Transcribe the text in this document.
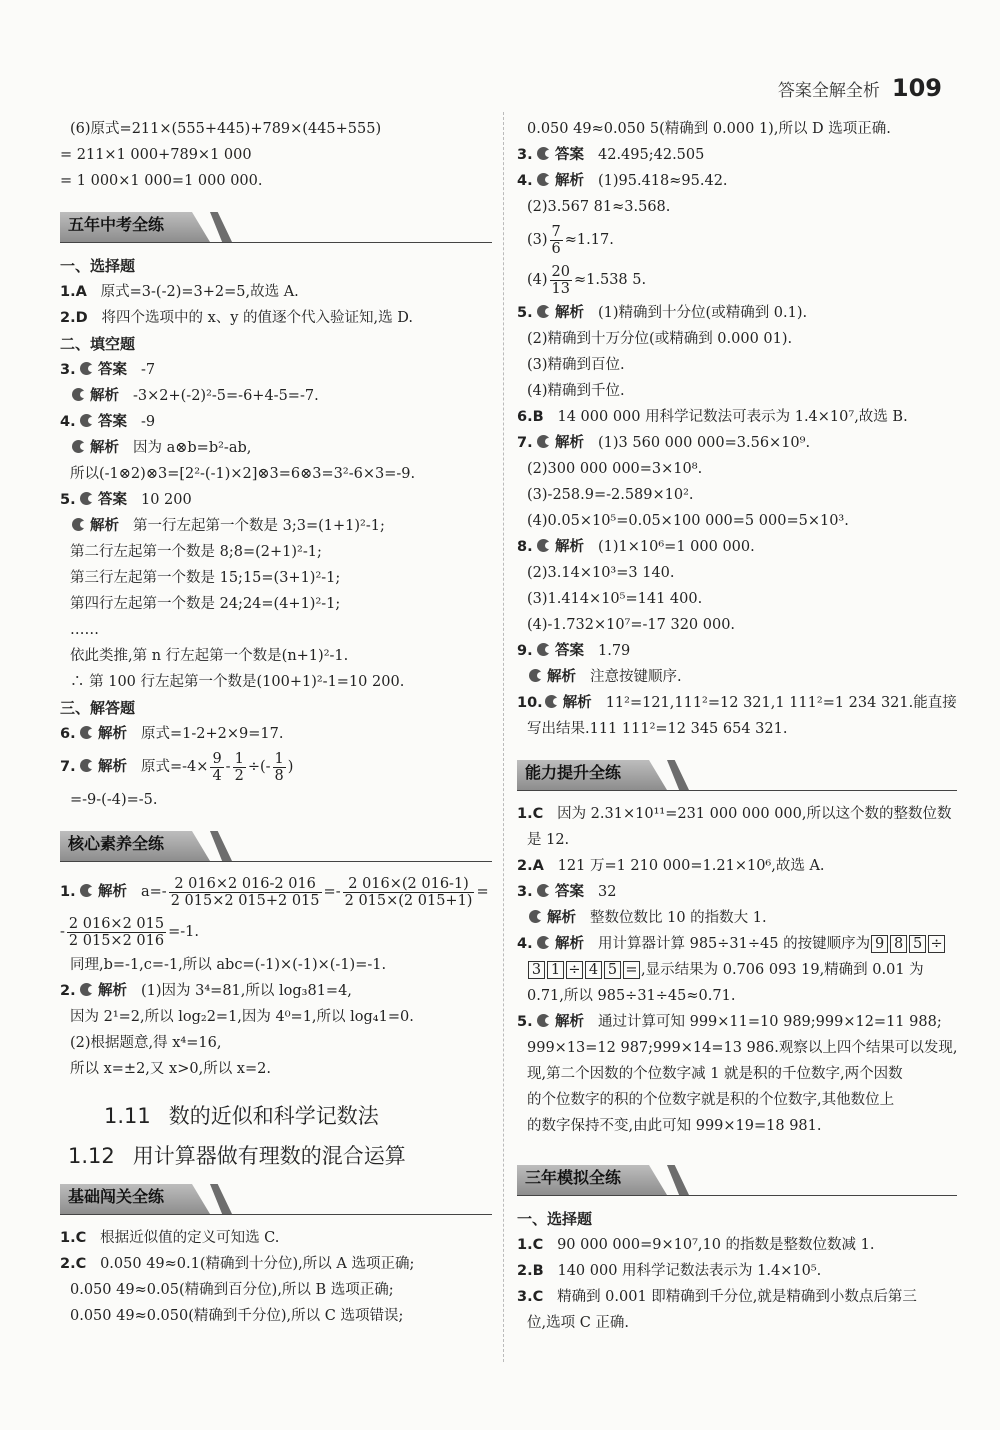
答案全解全析 109
(6)原式=211×(555+445)+789×(445+555)
= 211×1 000+789×1 000
= 1 000×1 000=1 000 000.
五年中考全练
一、选择题
1.A 原式=3-(-2)=3+2=5,故选 A.
2.D 将四个选项中的 x、y 的值逐个代入验证知,选 D.
二、填空题
3. 答案 -7
解析 -3×2+(-2)²-5=-6+4-5=-7.
4. 答案 -9
解析 因为 a⊗b=b²-ab,
所以(-1⊗2)⊗3=[2²-(-1)×2]⊗3=6⊗3=3²-6×3=-9.
5. 答案 10 200
解析 第一行左起第一个数是 3;3=(1+1)²-1;
第二行左起第一个数是 8;8=(2+1)²-1;
第三行左起第一个数是 15;15=(3+1)²-1;
第四行左起第一个数是 24;24=(4+1)²-1;
……
依此类推,第 n 行左起第一个数是(n+1)²-1.
∴ 第 100 行左起第一个数是(100+1)²-1=10 200.
三、解答题
6. 解析 原式=1-2+2×9=17.
7. 解析 原式$=-4\times \frac{9}{4} - \frac{1}{2}$ ÷(- $\frac{1}{8}$ )
=-9-(-4)=-5.
核心素养全练
1. 解析 $a=- \frac{2 016\times 2 016-2 016}{2 015\times 2 015+2 015} =- \frac{2 016\times(2 016-1)}{2 015\times(2 015+1)}$ =
- $\frac{2 016\times 2 015}{2 015\times 2 016} =-1$.
同理,b=-1,c=-1,所以 abc=(-1)×(-1)×(-1)=-1.
2. 解析 (1)因为 3⁴=81,所以 log₃81=4,
因为 2¹=2,所以 log₂2=1,因为 4⁰=1,所以 log₄1=0.
(2)根据题意,得 x⁴=16,
所以 x=±2,又 x>0,所以 x=2.
1.11 数的近似和科学记数法
1.12 用计算器做有理数的混合运算
基础闯关全练
1.C 根据近似值的定义可知选 C.
2.C 0.050 49≈0.1(精确到十分位),所以 A 选项正确;
0.050 49≈0.05(精确到百分位),所以 B 选项正确;
0.050 49≈0.050(精确到千分位),所以 C 选项错误;
0.050 49≈0.050 5(精确到 0.000 1),所以 D 选项正确.
3. 答案 42.495;42.505
4. 解析 (1)95.418≈95.42.
(2)3.567 81≈3.568.
$(3) \frac{7}{6} \approx 1.17$.
$(4) \frac{20}{13} \approx 1.538$ 5.
5. 解析 (1)精确到十分位(或精确到 0.1).
(2)精确到十万分位(或精确到 0.000 01).
(3)精确到百位.
(4)精确到千位.
6.B 14 000 000 用科学记数法可表示为 1.4×10⁷,故选 B.
7. 解析 (1)3 560 000 000=3.56×10⁹.
(2)300 000 000=3×10⁸.
(3)-258.9=-2.589×10².
(4)0.05×10⁵=0.05×100 000=5 000=5×10³.
8. 解析 (1)1×10⁶=1 000 000.
(2)3.14×10³=3 140.
(3)1.414×10⁵=141 400.
(4)-1.732×10⁷=-17 320 000.
9. 答案 1.79
解析 注意按键顺序.
10. 解析 11²=121,111²=12 321,1 111²=1 234 321.能直接
写出结果.111 111²=12 345 654 321.
能力提升全练
1.C 因为 2.31×10¹¹=231 000 000 000,所以这个数的整数位数
是 12.
2.A 121 万=1 210 000=1.21×10⁶,故选 A.
3. 答案 32
解析 整数位数比 10 的指数大 1.
4. 解析 用计算器计算 985÷31÷45 的按键顺序为 9 8 5 ÷
3 1 ÷ 4 5 = ,显示结果为 0.706 093 19,精确到 0.01 为
0.71,所以 985÷31÷45≈0.71.
5. 解析 通过计算可知 999×11=10 989;999×12=11 988;
999×13=12 987;999×14=13 986.观察以上四个结果可以发现,
现,第二个因数的个位数字减 1 就是积的千位数字,两个因数
的个位数字的积的个位数字就是积的个位数字,其他数位上
的数字保持不变,由此可知 999×19=18 981.
三年模拟全练
一、选择题
1.C 90 000 000=9×10⁷,10 的指数是整数位数减 1.
2.B 140 000 用科学记数法表示为 1.4×10⁵.
3.C 精确到 0.001 即精确到千分位,就是精确到小数点后第三
位,选项 C 正确.
